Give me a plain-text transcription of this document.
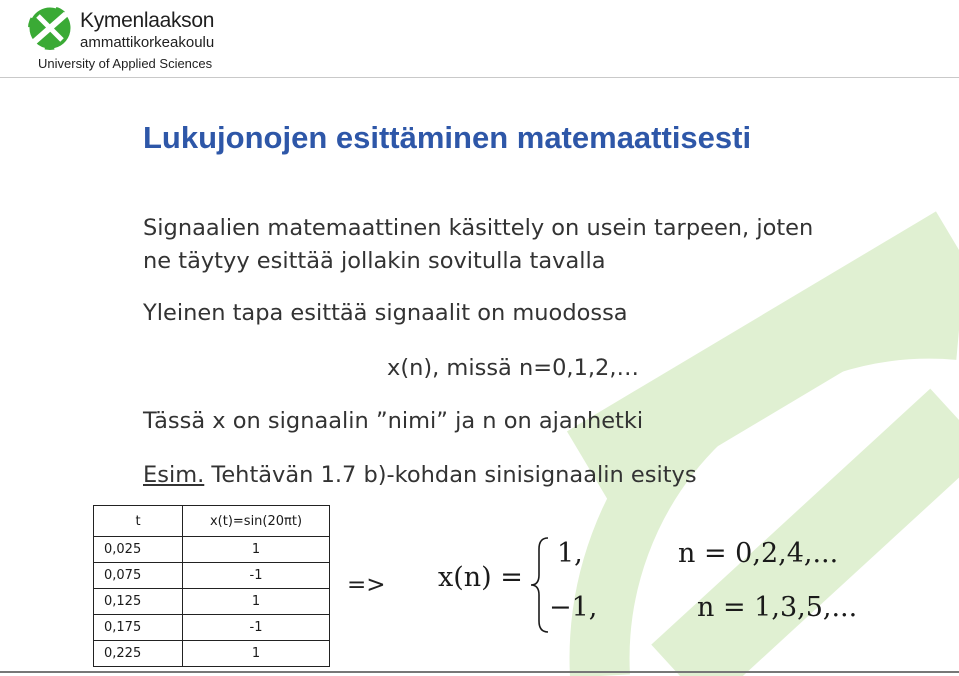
Kymenlaakson
ammattikorkeakoulu
University of Applied Sciences
Lukujonojen esittäminen matemaattisesti
Signaalien matemaattinen käsittely on usein tarpeen, joten
ne täytyy esittää jollakin sovitulla tavalla
Yleinen tapa esittää signaalit on muodossa
x(n), missä n=0,1,2,…
Tässä x on signaalin ”nimi” ja n on ajanhetki
Esim. Tehtävän 1.7 b)-kohdan sinisignaalin esitys
t	x(t)=sin(20πt)
0,025	1
0,075	-1
0,125	1
0,175	-1
0,225	1
=> x(n) =
1,	n = 0,2,4,...
−1,	n = 1,3,5,...
